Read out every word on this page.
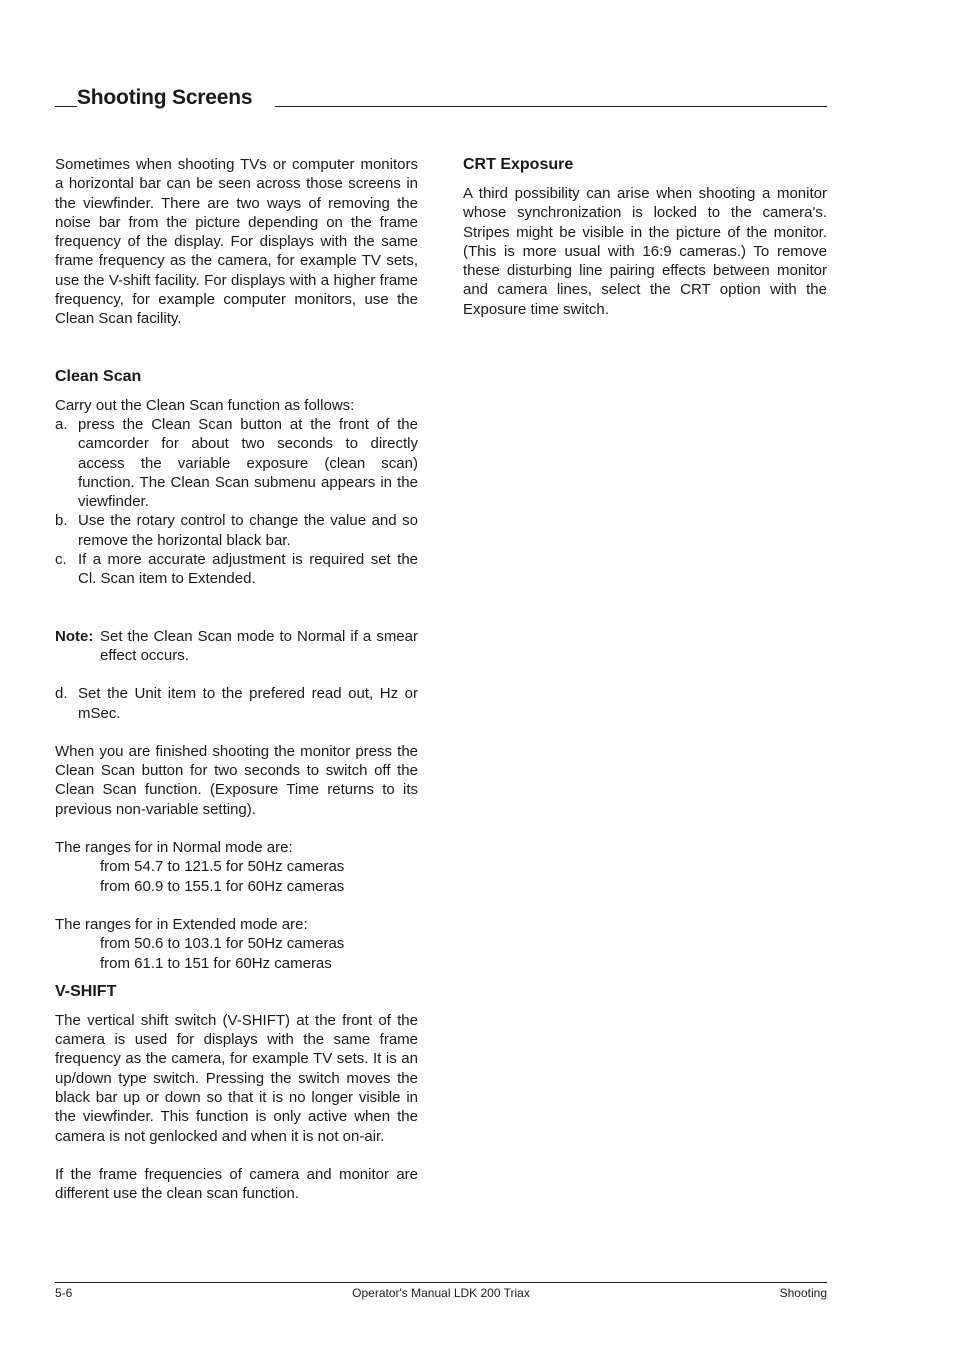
Shooting Screens

Sometimes when shooting TVs or computer monitors a horizontal bar can be seen across those screens in the viewfinder. There are two ways of removing the noise bar from the picture depending on the frame frequency of the display. For displays with the same frame frequency as the camera, for example TV sets, use the V-shift facility. For displays with a higher frame frequency, for example computer monitors, use the Clean Scan facility.

Clean Scan

Carry out the Clean Scan function as follows:

a. press the Clean Scan button at the front of the camcorder for about two seconds to directly access the variable exposure (clean scan) function. The Clean Scan submenu appears in the viewfinder.
b. Use the rotary control to change the value and so remove the horizontal black bar.
c. If a more accurate adjustment is required set the Cl. Scan item to Extended.
Note: Set the Clean Scan mode to Normal if a smear effect occurs.
d. Set the Unit item to the prefered read out, Hz or mSec.

When you are finished shooting the monitor press the Clean Scan button for two seconds to switch off the Clean Scan function. (Exposure Time returns to its previous non-variable setting).

The ranges for in Normal mode are:

from 54.7 to 121.5 for 50Hz cameras

from 60.9 to 155.1 for 60Hz cameras

The ranges for in Extended mode are:

from 50.6 to 103.1 for 50Hz cameras

from 61.1 to 151 for 60Hz cameras

V-SHIFT

The vertical shift switch (V-SHIFT) at the front of the camera is used for displays with the same frame frequency as the camera, for example TV sets. It is an up/down type switch. Pressing the switch moves the black bar up or down so that it is no longer visible in the viewfinder. This function is only active when the camera is not genlocked and when it is not on-air.

If the frame frequencies of camera and monitor are different use the clean scan function.

CRT Exposure

A third possibility can arise when shooting a monitor whose synchronization is locked to the camera's. Stripes might be visible in the picture of the monitor. (This is more usual with 16:9 cameras.) To remove these disturbing line pairing effects between monitor and camera lines, select the CRT option with the Exposure time switch.

5-6	Operator's Manual LDK 200 Triax	Shooting
